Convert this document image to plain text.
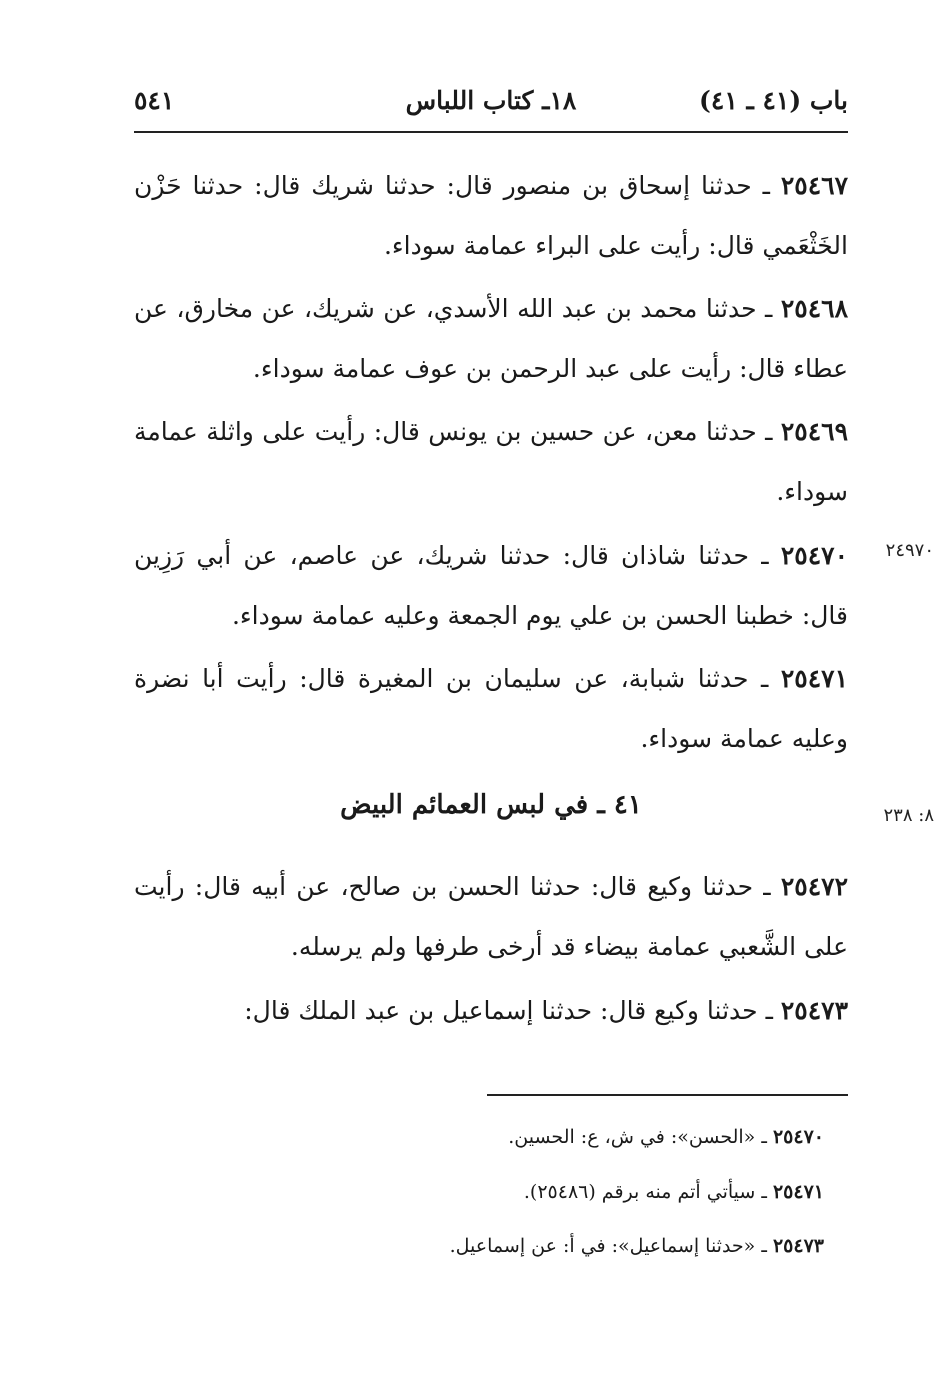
باب (٤١ ـ ٤١)
١٨ـ كتاب اللباس
٥٤١
٢٥٤٦٧ ـ حدثنا إسحاق بن منصور قال: حدثنا شريك قال: حدثنا حَزْن الخَثْعَمي قال: رأيت على البراء عمامة سوداء.
٢٥٤٦٨ ـ حدثنا محمد بن عبد الله الأسدي، عن شريك، عن مخارق، عن عطاء قال: رأيت على عبد الرحمن بن عوف عمامة سوداء.
٢٥٤٦٩ ـ حدثنا معن، عن حسين بن يونس قال: رأيت على واثلة عمامة سوداء.
٢٤٩٧٠
٢٥٤٧٠ ـ حدثنا شاذان قال: حدثنا شريك، عن عاصم، عن أبي رَزِين قال: خطبنا الحسن بن علي يوم الجمعة وعليه عمامة سوداء.
٢٥٤٧١ ـ حدثنا شبابة، عن سليمان بن المغيرة قال: رأيت أبا نضرة وعليه عمامة سوداء.
٨: ٢٣٨
٤١ ـ في لبس العمائم البيض
٢٥٤٧٢ ـ حدثنا وكيع قال: حدثنا الحسن بن صالح، عن أبيه قال: رأيت على الشَّعبي عمامة بيضاء قد أرخى طرفها ولم يرسله.
٢٥٤٧٣ ـ حدثنا وكيع قال: حدثنا إسماعيل بن عبد الملك قال:
٢٥٤٧٠ ـ «الحسن»: في ش، ع: الحسين.
٢٥٤٧١ ـ سيأتي أتم منه برقم (٢٥٤٨٦).
٢٥٤٧٣ ـ «حدثنا إسماعيل»: في أ: عن إسماعيل.
